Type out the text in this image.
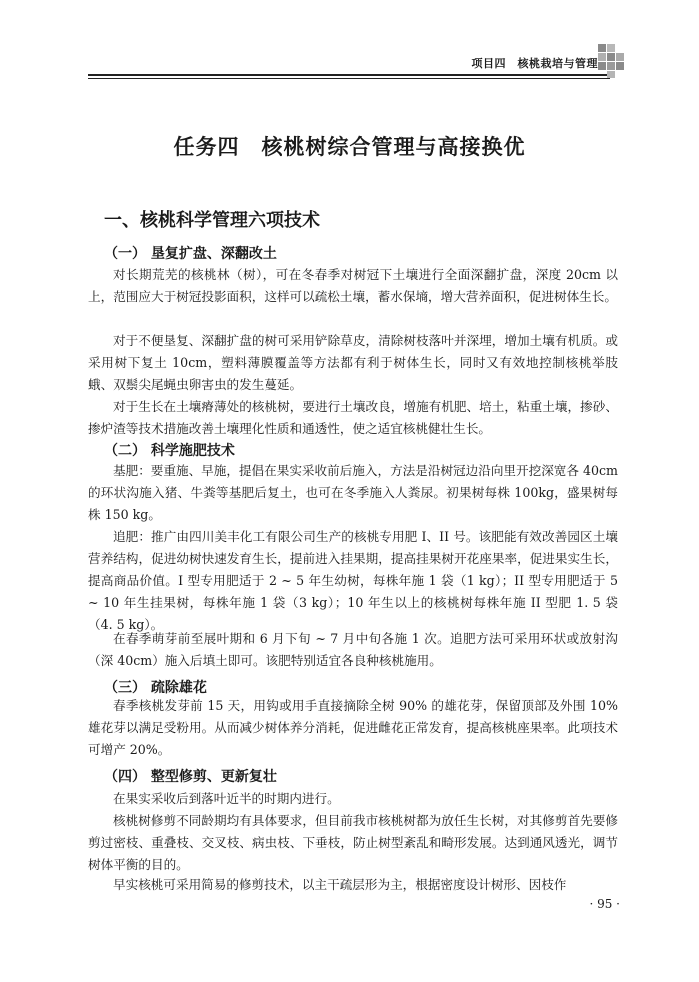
项目四　核桃栽培与管理
任务四　核桃树综合管理与高接换优
一、核桃科学管理六项技术
（一） 垦复扩盘、深翻改土

对长期荒芜的核桃林（树），可在冬春季对树冠下土壤进行全面深翻扩盘，深度 20cm 以上，范围应大于树冠投影面积，这样可以疏松土壤，蓄水保墒，增大营养面积，促进树体生长。

对于不便垦复、深翻扩盘的树可采用铲除草皮，清除树枝落叶并深埋，增加土壤有机质。或采用树下复土 10cm，塑料薄膜覆盖等方法都有利于树体生长，同时又有效地控制核桃举肢蛾、双鬃尖尾蝇虫卵害虫的发生蔓延。

对于生长在土壤瘠薄处的核桃树，要进行土壤改良，增施有机肥、培土，粘重土壤，掺砂、掺炉渣等技术措施改善土壤理化性质和通透性，使之适宜核桃健壮生长。

（二） 科学施肥技术

基肥：要重施、早施，提倡在果实采收前后施入，方法是沿树冠边沿向里开挖深宽各 40cm 的环状沟施入猪、牛粪等基肥后复土，也可在冬季施入人粪尿。初果树每株 100kg，盛果树每株 150 kg。

追肥：推广由四川美丰化工有限公司生产的核桃专用肥 I、II 号。该肥能有效改善园区土壤营养结构，促进幼树快速发育生长，提前进入挂果期，提高挂果树开花座果率，促进果实生长，提高商品价值。I 型专用肥适于 2 ~ 5 年生幼树，每株年施 1 袋（1 kg）；II 型专用肥适于 5 ~ 10 年生挂果树，每株年施 1 袋（3 kg）；10 年生以上的核桃树每株年施 II 型肥 1. 5 袋（4. 5 kg）。

在春季萌芽前至展叶期和 6 月下旬 ~ 7 月中旬各施 1 次。追肥方法可采用环状或放射沟（深 40cm）施入后填土即可。该肥特别适宜各良种核桃施用。

（三） 疏除雄花

春季核桃发芽前 15 天，用钩或用手直接摘除全树 90% 的雄花芽，保留顶部及外围 10% 雄花芽以满足受粉用。从而减少树体养分消耗，促进雌花正常发育，提高核桃座果率。此项技术可增产 20%。

（四） 整型修剪、更新复壮

在果实采收后到落叶近半的时期内进行。

核桃树修剪不同龄期均有具体要求，但目前我市核桃树都为放任生长树，对其修剪首先要修剪过密枝、重叠枝、交叉枝、病虫枝、下垂枝，防止树型紊乱和畸形发展。达到通风透光，调节树体平衡的目的。

早实核桃可采用简易的修剪技术，以主干疏层形为主，根据密度设计树形、因枝作

· 95 ·
